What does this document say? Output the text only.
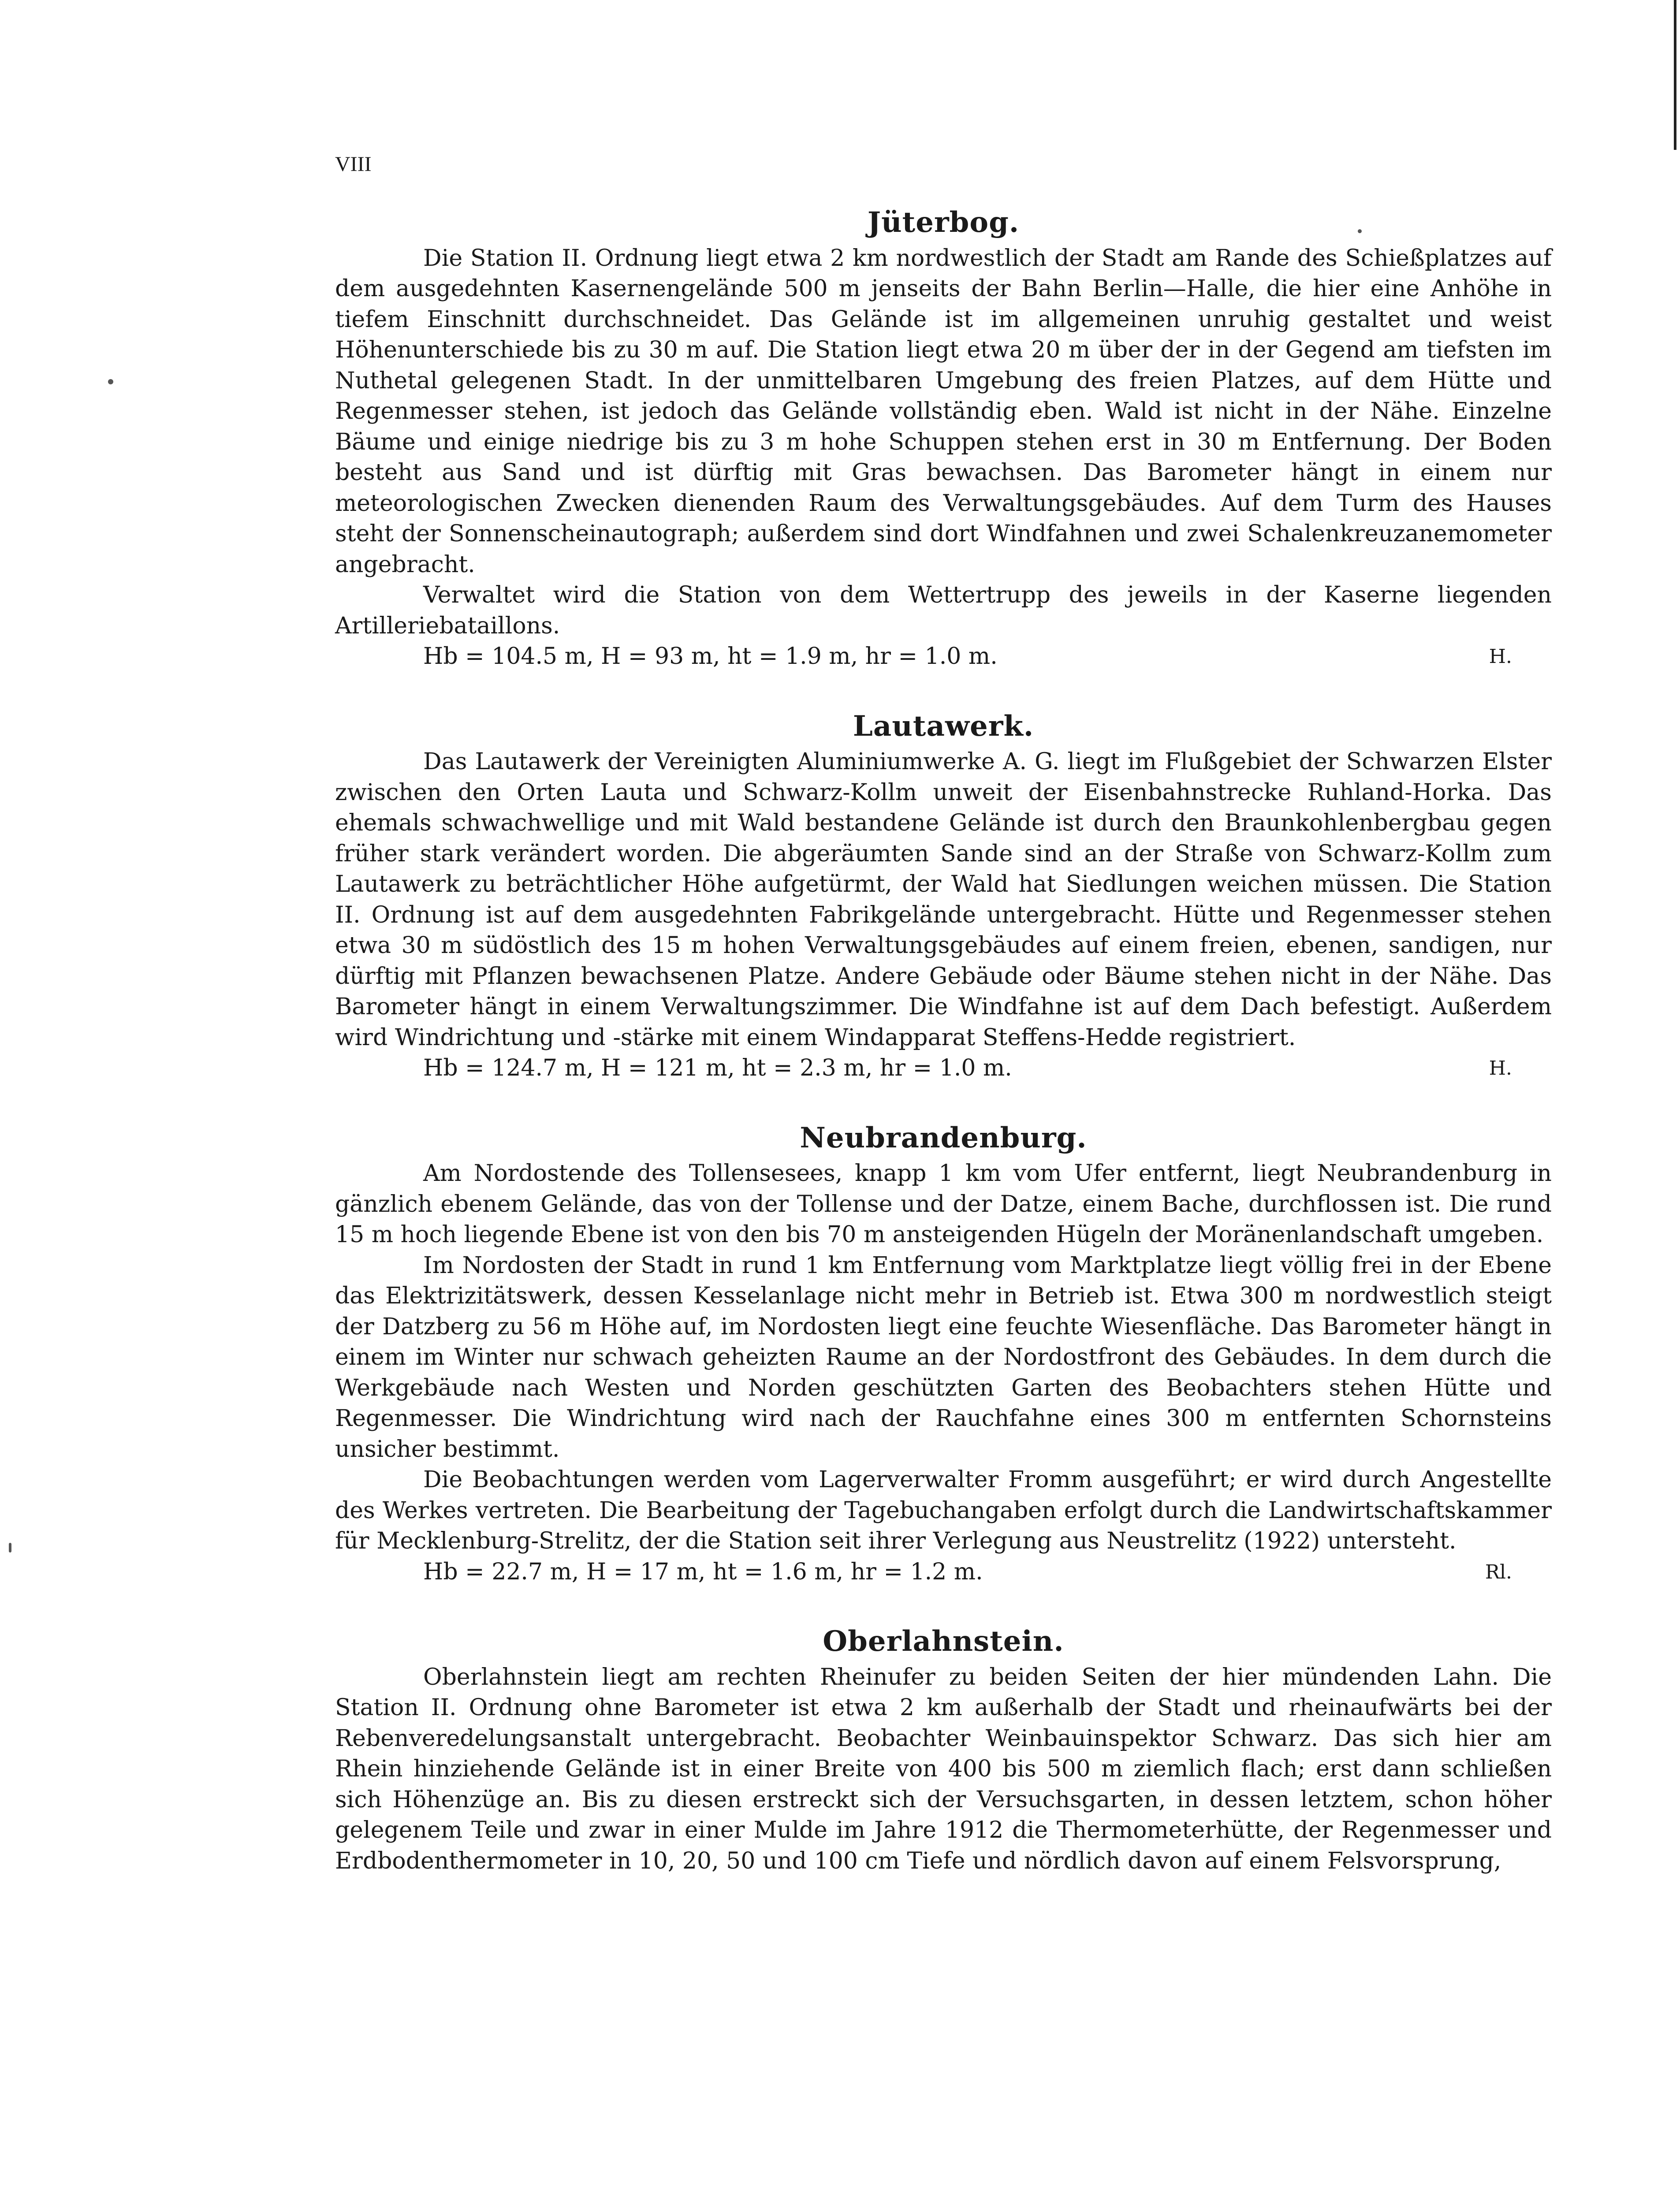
VIII
Jüterbog.

Die Station II. Ordnung liegt etwa 2 km nordwestlich der Stadt am Rande des Schießplatzes auf dem ausgedehnten Kasernengelände 500 m jenseits der Bahn Berlin—Halle, die hier eine Anhöhe in tiefem Einschnitt durchschneidet. Das Gelände ist im allgemeinen unruhig gestaltet und weist Höhenunterschiede bis zu 30 m auf. Die Station liegt etwa 20 m über der in der Gegend am tiefsten im Nuthetal gelegenen Stadt. In der unmittelbaren Umgebung des freien Platzes, auf dem Hütte und Regenmesser stehen, ist jedoch das Gelände vollständig eben. Wald ist nicht in der Nähe. Einzelne Bäume und einige niedrige bis zu 3 m hohe Schuppen stehen erst in 30 m Entfernung. Der Boden besteht aus Sand und ist dürftig mit Gras bewachsen. Das Barometer hängt in einem nur meteorologischen Zwecken dienenden Raum des Verwaltungsgebäudes. Auf dem Turm des Hauses steht der Sonnenscheinautograph; außerdem sind dort Windfahnen und zwei Schalenkreuzanemometer angebracht.

Verwaltet wird die Station von dem Wettertrupp des jeweils in der Kaserne liegenden Artilleriebataillons.

Hb = 104.5 m, H = 93 m, ht = 1.9 m, hr = 1.0 m.	H.
Lautawerk.

Das Lautawerk der Vereinigten Aluminiumwerke A. G. liegt im Flußgebiet der Schwarzen Elster zwischen den Orten Lauta und Schwarz-Kollm unweit der Eisenbahnstrecke Ruhland-Horka. Das ehemals schwachwellige und mit Wald bestandene Gelände ist durch den Braunkohlenbergbau gegen früher stark verändert worden. Die abgeräumten Sande sind an der Straße von Schwarz-Kollm zum Lautawerk zu beträchtlicher Höhe aufgetürmt, der Wald hat Siedlungen weichen müssen. Die Station II. Ordnung ist auf dem ausgedehnten Fabrikgelände untergebracht. Hütte und Regenmesser stehen etwa 30 m südöstlich des 15 m hohen Verwaltungsgebäudes auf einem freien, ebenen, sandigen, nur dürftig mit Pflanzen bewachsenen Platze. Andere Gebäude oder Bäume stehen nicht in der Nähe. Das Barometer hängt in einem Verwaltungszimmer. Die Windfahne ist auf dem Dach befestigt. Außerdem wird Windrichtung und -stärke mit einem Windapparat Steffens-Hedde registriert.

Hb = 124.7 m, H = 121 m, ht = 2.3 m, hr = 1.0 m.	H.
Neubrandenburg.

Am Nordostende des Tollensesees, knapp 1 km vom Ufer entfernt, liegt Neubrandenburg in gänzlich ebenem Gelände, das von der Tollense und der Datze, einem Bache, durchflossen ist. Die rund 15 m hoch liegende Ebene ist von den bis 70 m ansteigenden Hügeln der Moränenlandschaft umgeben.

Im Nordosten der Stadt in rund 1 km Entfernung vom Marktplatze liegt völlig frei in der Ebene das Elektrizitätswerk, dessen Kesselanlage nicht mehr in Betrieb ist. Etwa 300 m nordwestlich steigt der Datzberg zu 56 m Höhe auf, im Nordosten liegt eine feuchte Wiesenfläche. Das Barometer hängt in einem im Winter nur schwach geheizten Raume an der Nordostfront des Gebäudes. In dem durch die Werkgebäude nach Westen und Norden geschützten Garten des Beobachters stehen Hütte und Regenmesser. Die Windrichtung wird nach der Rauchfahne eines 300 m entfernten Schornsteins unsicher bestimmt.

Die Beobachtungen werden vom Lagerverwalter Fromm ausgeführt; er wird durch Angestellte des Werkes vertreten. Die Bearbeitung der Tagebuchangaben erfolgt durch die Landwirtschaftskammer für Mecklenburg-Strelitz, der die Station seit ihrer Verlegung aus Neustrelitz (1922) untersteht.

Hb = 22.7 m, H = 17 m, ht = 1.6 m, hr = 1.2 m.	Rl.
Oberlahnstein.

Oberlahnstein liegt am rechten Rheinufer zu beiden Seiten der hier mündenden Lahn. Die Station II. Ordnung ohne Barometer ist etwa 2 km außerhalb der Stadt und rheinaufwärts bei der Rebenveredelungsanstalt untergebracht. Beobachter Weinbauinspektor Schwarz. Das sich hier am Rhein hinziehende Gelände ist in einer Breite von 400 bis 500 m ziemlich flach; erst dann schließen sich Höhenzüge an. Bis zu diesen erstreckt sich der Versuchsgarten, in dessen letztem, schon höher gelegenem Teile und zwar in einer Mulde im Jahre 1912 die Thermometerhütte, der Regenmesser und Erdbodenthermometer in 10, 20, 50 und 100 cm Tiefe und nördlich davon auf einem Felsvorsprung,
